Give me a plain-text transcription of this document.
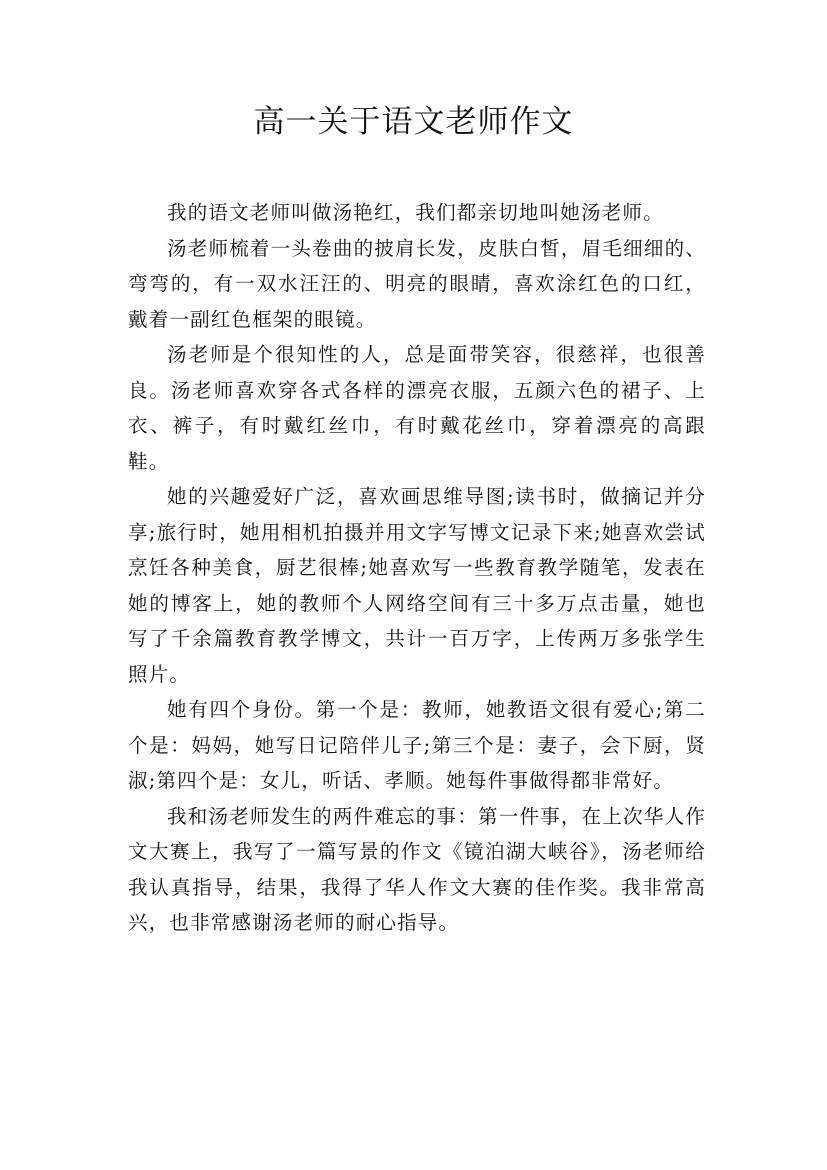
高一关于语文老师作文

我的语文老师叫做汤艳红，我们都亲切地叫她汤老师。

汤老师梳着一头卷曲的披肩长发，皮肤白皙，眉毛细细的、弯弯的，有一双水汪汪的、明亮的眼睛，喜欢涂红色的口红，戴着一副红色框架的眼镜。

汤老师是个很知性的人，总是面带笑容，很慈祥，也很善良。汤老师喜欢穿各式各样的漂亮衣服，五颜六色的裙子、上衣、裤子，有时戴红丝巾，有时戴花丝巾，穿着漂亮的高跟鞋。

她的兴趣爱好广泛，喜欢画思维导图;读书时，做摘记并分享;旅行时，她用相机拍摄并用文字写博文记录下来;她喜欢尝试烹饪各种美食，厨艺很棒;她喜欢写一些教育教学随笔，发表在她的博客上，她的教师个人网络空间有三十多万点击量，她也写了千余篇教育教学博文，共计一百万字，上传两万多张学生照片。

她有四个身份。第一个是：教师，她教语文很有爱心;第二个是：妈妈，她写日记陪伴儿子;第三个是：妻子，会下厨，贤淑;第四个是：女儿，听话、孝顺。她每件事做得都非常好。

我和汤老师发生的两件难忘的事：第一件事，在上次华人作文大赛上，我写了一篇写景的作文《镜泊湖大峡谷》，汤老师给我认真指导，结果，我得了华人作文大赛的佳作奖。我非常高兴，也非常感谢汤老师的耐心指导。
